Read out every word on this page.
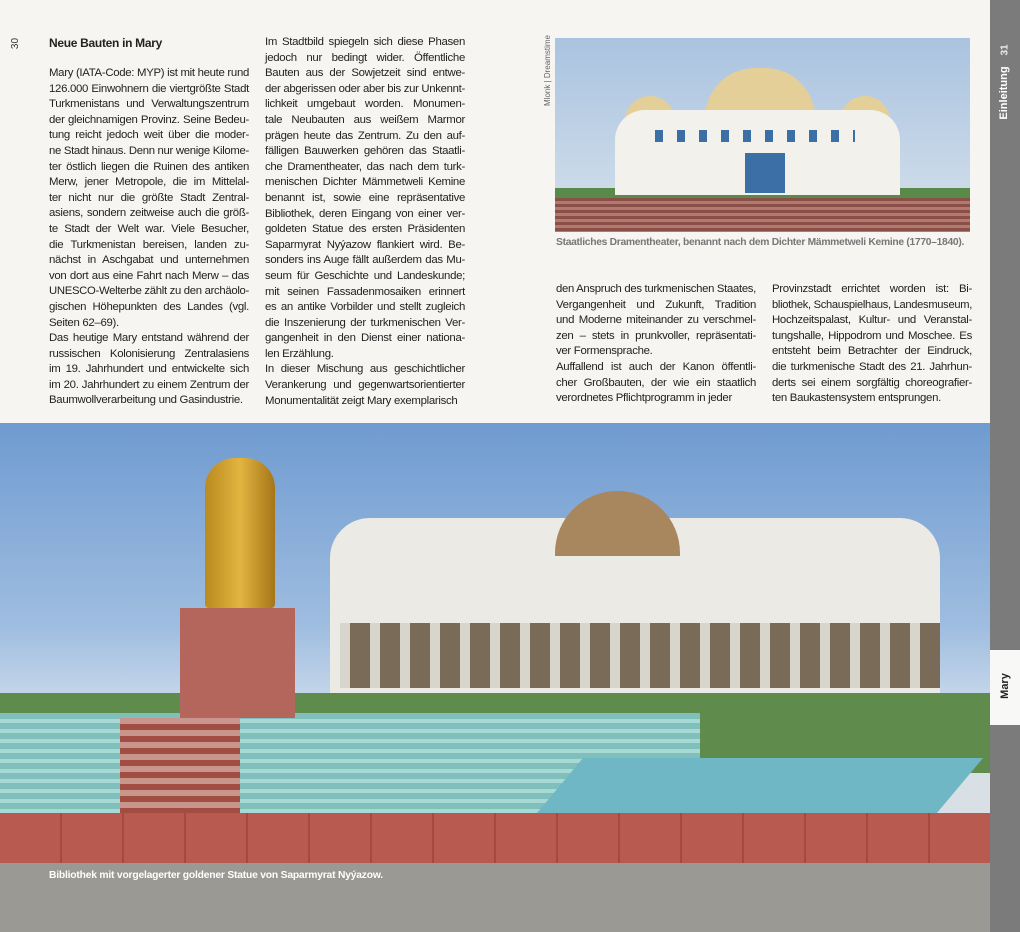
30 Neue Bauten in Mary
Mary (IATA-Code: MYP) ist mit heute rund
126.000 Einwohnern die viertgrößte Stadt
Turkmenistans und Verwaltungszentrum
der gleichnamigen Provinz. Seine Bedeu-
tung reicht jedoch weit über die moder-
ne Stadt hinaus. Denn nur wenige Kilome-
ter östlich liegen die Ruinen des antiken
Merw, jener Metropole, die im Mittelal-
ter nicht nur die größte Stadt Zentral-
asiens, sondern zeitweise auch die größ-
te Stadt der Welt war. Viele Besucher,
die Turkmenistan bereisen, landen zu-
nächst in Aschgabat und unternehmen
von dort aus eine Fahrt nach Merw – das
UNESCO-Welterbe zählt zu den archäolo-
gischen Höhepunkten des Landes (vgl.
Seiten 62–69).
Das heutige Mary entstand während der
russischen Kolonisierung Zentralasiens
im 19. Jahrhundert und entwickelte sich
im 20. Jahrhundert zu einem Zentrum der
Baumwollverarbeitung und Gasindustrie.
Im Stadtbild spiegeln sich diese Phasen
jedoch nur bedingt wider. Öffentliche
Bauten aus der Sowjetzeit sind entwe-
der abgerissen oder aber bis zur Unkennt-
lichkeit umgebaut worden. Monumen-
tale Neubauten aus weißem Marmor
prägen heute das Zentrum. Zu den auf-
fälligen Bauwerken gehören das Staatli-
che Dramentheater, das nach dem turk-
menischen Dichter Mämmetweli Kemine
benannt ist, sowie eine repräsentative
Bibliothek, deren Eingang von einer ver-
goldeten Statue des ersten Präsidenten
Saparmyrat Nyýazow flankiert wird. Be-
sonders ins Auge fällt außerdem das Mu-
seum für Geschichte und Landeskunde;
mit seinen Fassadenmosaiken erinnert
es an antike Vorbilder und stellt zugleich
die Inszenierung der turkmenischen Ver-
gangenheit in den Dienst einer nationa-
len Erzählung.
In dieser Mischung aus geschichtlicher
Verankerung und gegenwartsorientierter
Monumentalität zeigt Mary exemplarisch
den Anspruch des turkmenischen Staates,
Vergangenheit und Zukunft, Tradition
und Moderne miteinander zu verschmel-
zen – stets in prunkvoller, repräsentati-
ver Formensprache.
Auffallend ist auch der Kanon öffentli-
cher Großbauten, der wie ein staatlich
verordnetes Pflichtprogramm in jeder
Provinzstadt errichtet worden ist: Bi-
bliothek, Schauspielhaus, Landesmuseum,
Hochzeitspalast, Kultur- und Veranstal-
tungshalle, Hippodrom und Moschee. Es
entsteht beim Betrachter der Eindruck,
die turkmenische Stadt des 21. Jahrhun-
derts sei einem sorgfältig choreografier-
ten Baukastensystem entsprungen.
Mlonk | Dreamstime
Staatliches Dramentheater, benannt nach dem Dichter Mämmetweli Kemine (1770–1840).
Bibliothek mit vorgelagerter goldener Statue von Saparmyrat Nyýazow.
31
Einleitung
Mary
